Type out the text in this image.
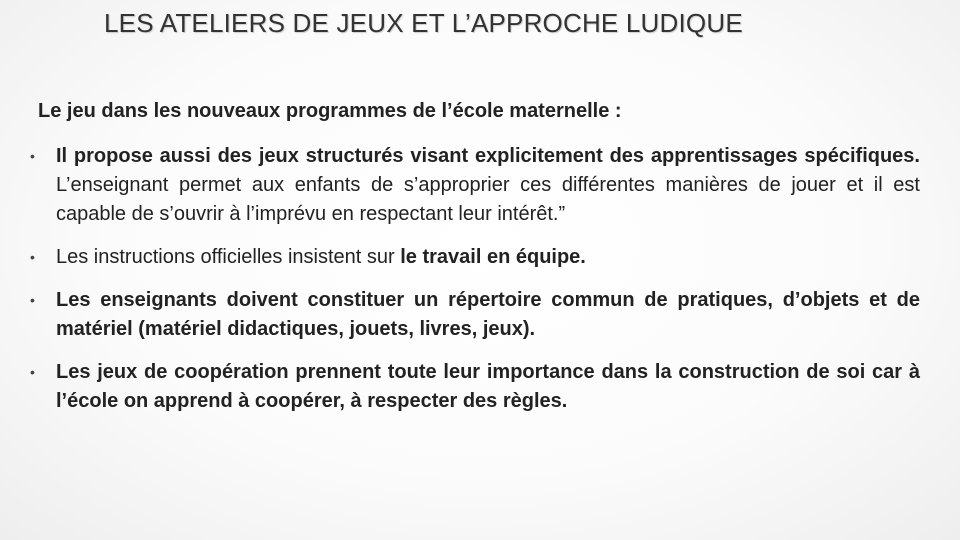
LES ATELIERS DE JEUX ET L’APPROCHE LUDIQUE
Le jeu dans les nouveaux programmes de l’école maternelle :
• Il propose aussi des jeux structurés visant explicitement des apprentissages spécifiques. L’enseignant permet aux enfants de s’approprier ces différentes manières de jouer et il est capable de s’ouvrir à l’imprévu en respectant leur intérêt.”
• Les instructions officielles insistent sur le travail en équipe.
• Les enseignants doivent constituer un répertoire commun de pratiques, d’objets et de matériel (matériel didactiques, jouets, livres, jeux).
• Les jeux de coopération prennent toute leur importance dans la construction de soi car à l’école on apprend à coopérer, à respecter des règles.
